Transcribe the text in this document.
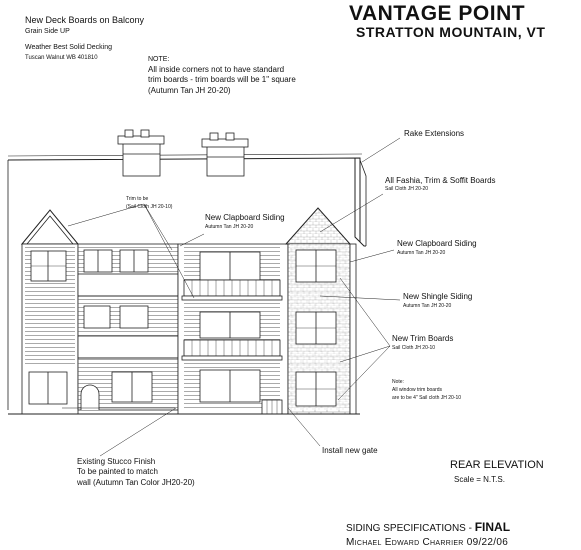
VANTAGE POINT
STRATTON MOUNTAIN, VT
New Deck Boards on Balcony
Grain Side UP
Weather Best Solid Decking
Tuscan Walnut WB 401810	NOTE:
All inside corners not to have standard
trim boards - trim boards will be 1" square
(Autumn Tan JH 20-20)
Rake Extensions
All Fashia, Trim & Soffit Boards
Sail Cloth JH 20-20
Trim to be
(Sail Cloth JH 20-10)
New Clapboard Siding
Autumn Tan JH 20-20
New Clapboard Siding
Autumn Tan JH 20-20
New Shingle Siding
Autumn Tan JH 20-20
New Trim Boards
Sail Cloth JH 20-10
Note:
All window trim boards
are to be 4" Sail cloth JH 20-10
Install new gate
Existing Stucco Finish
To be painted to match
wall (Autumn Tan Color JH20-20)
REAR ELEVATION
Scale = N.T.S.
SIDING SPECIFICATIONS - FINAL
Michael Edward Charrier 09/22/06
